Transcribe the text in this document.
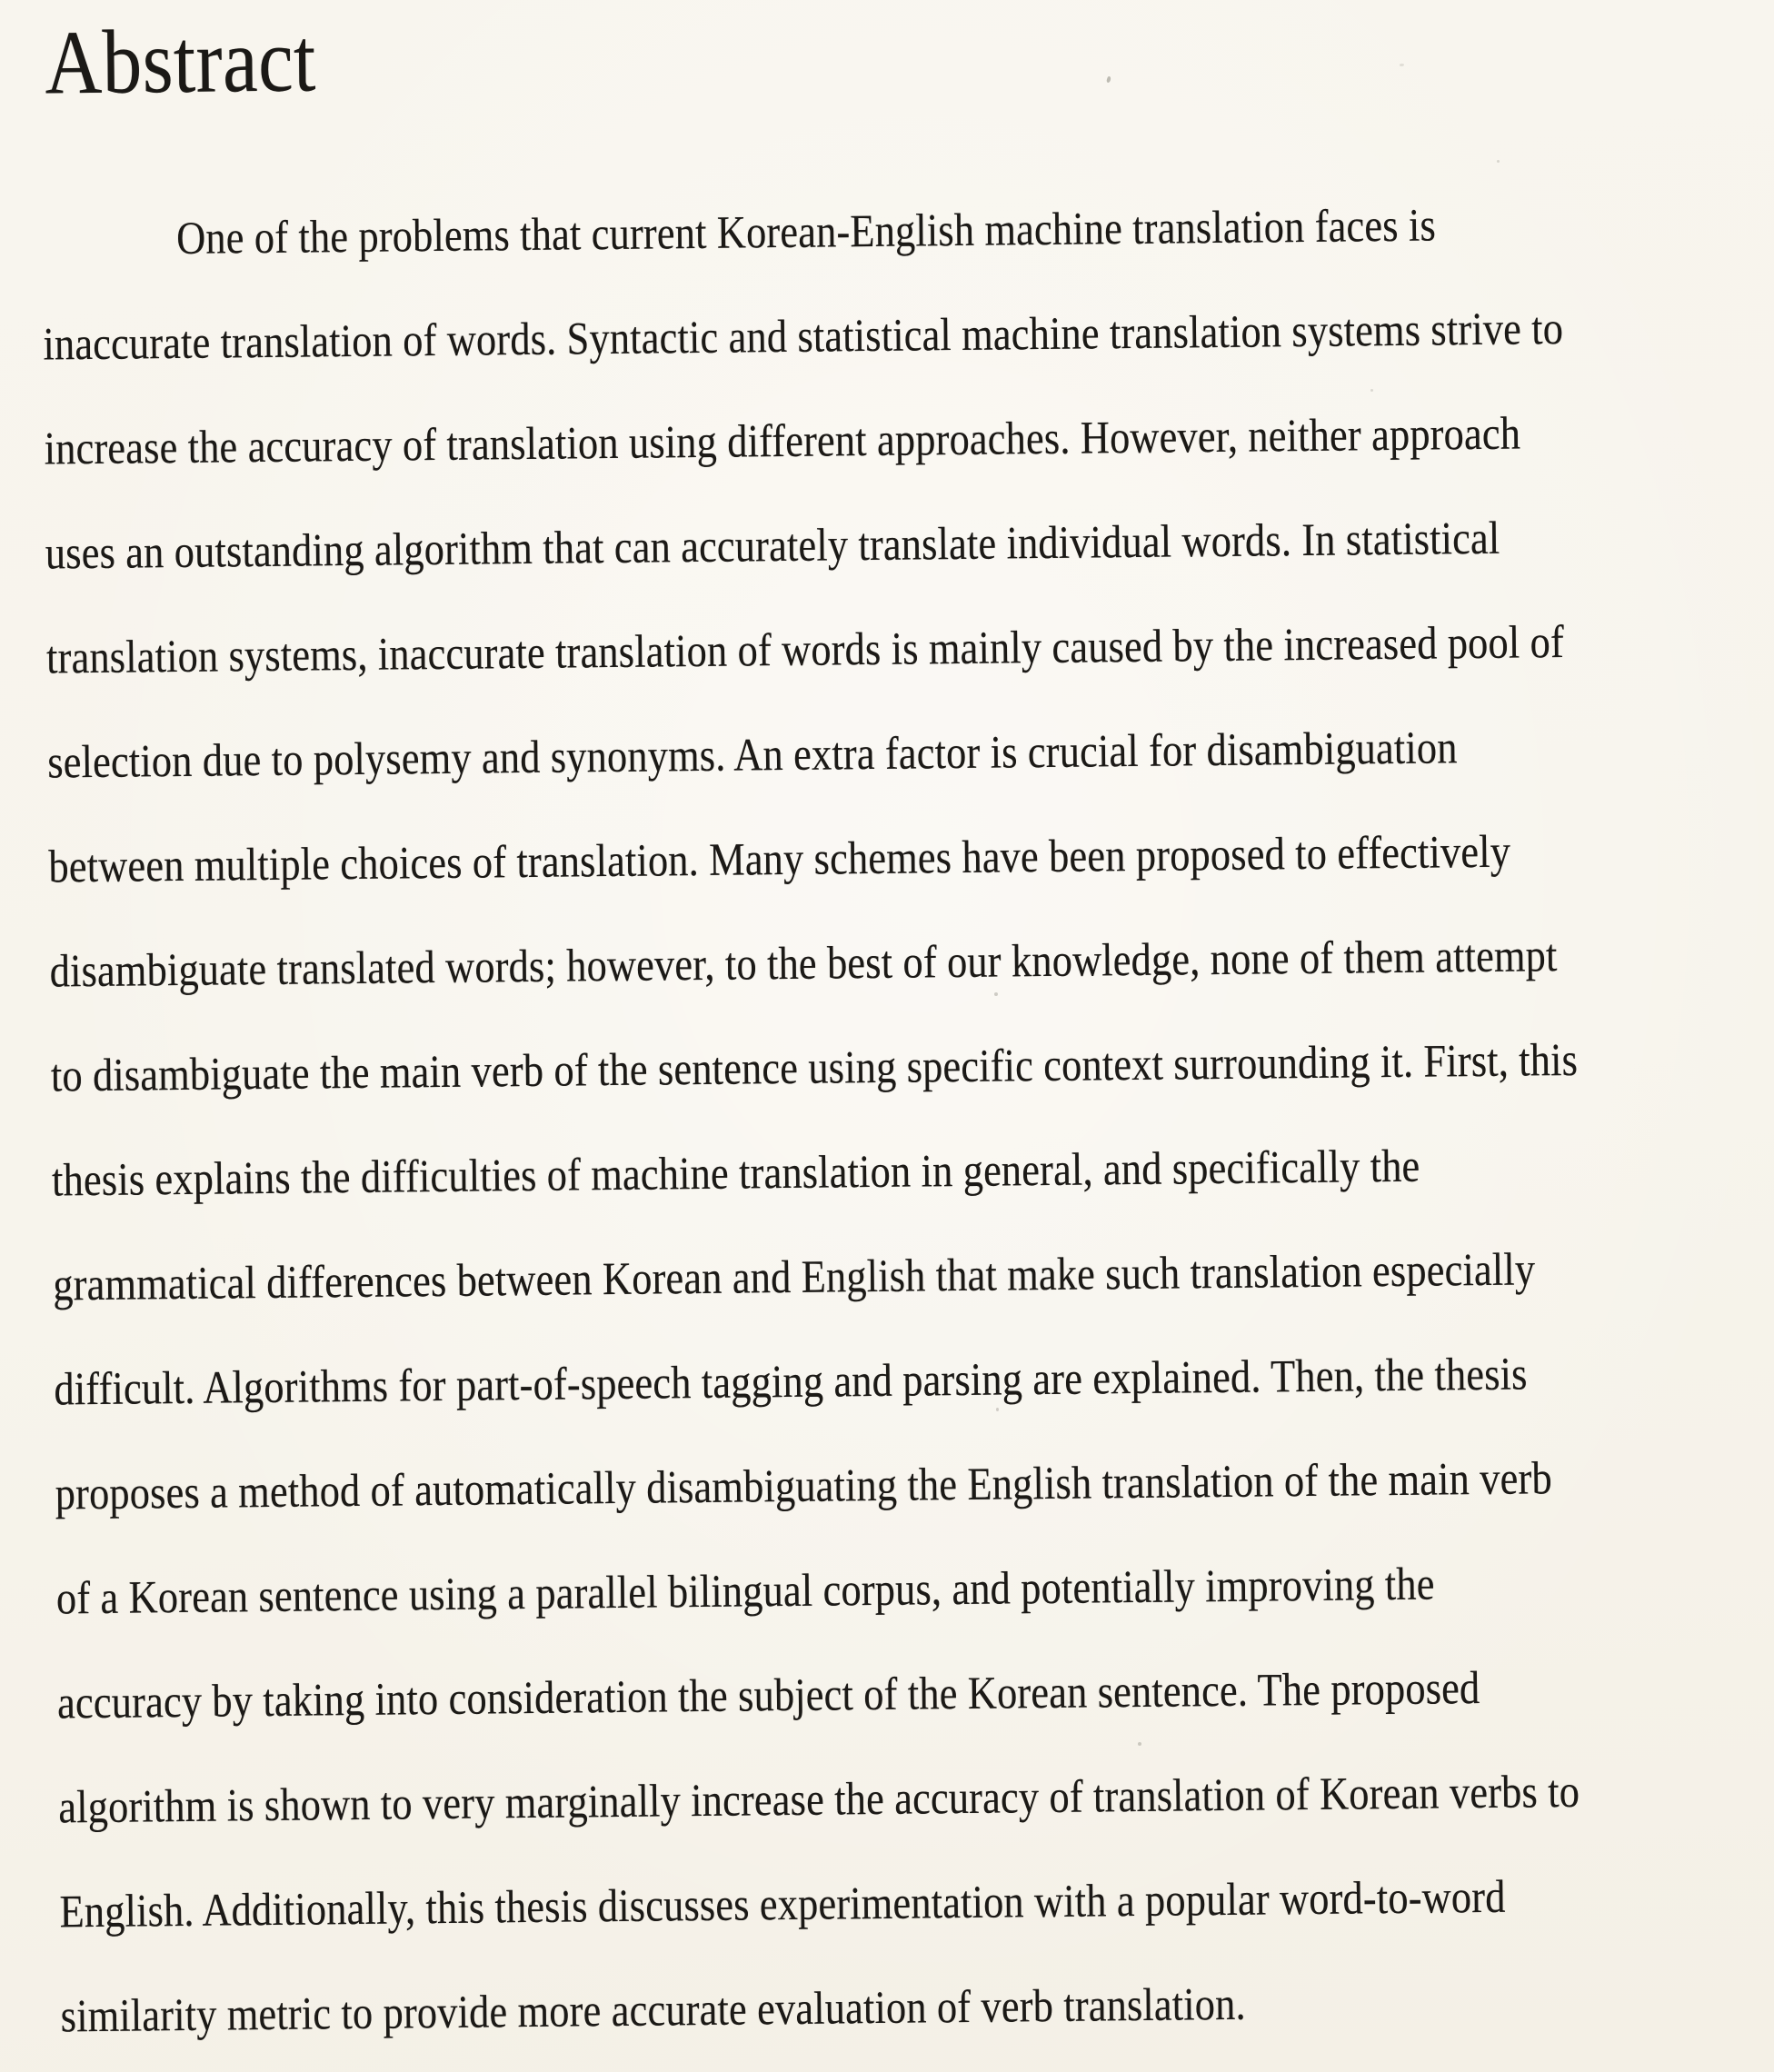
Abstract
One of the problems that current Korean-English machine translation faces is
inaccurate translation of words. Syntactic and statistical machine translation systems strive to
increase the accuracy of translation using different approaches. However, neither approach
uses an outstanding algorithm that can accurately translate individual words. In statistical
translation systems, inaccurate translation of words is mainly caused by the increased pool of
selection due to polysemy and synonyms. An extra factor is crucial for disambiguation
between multiple choices of translation. Many schemes have been proposed to effectively
disambiguate translated words; however, to the best of our knowledge, none of them attempt
to disambiguate the main verb of the sentence using specific context surrounding it. First, this
thesis explains the difficulties of machine translation in general, and specifically the
grammatical differences between Korean and English that make such translation especially
difficult. Algorithms for part-of-speech tagging and parsing are explained. Then, the thesis
proposes a method of automatically disambiguating the English translation of the main verb
of a Korean sentence using a parallel bilingual corpus, and potentially improving the
accuracy by taking into consideration the subject of the Korean sentence. The proposed
algorithm is shown to very marginally increase the accuracy of translation of Korean verbs to
English. Additionally, this thesis discusses experimentation with a popular word-to-word
similarity metric to provide more accurate evaluation of verb translation.
